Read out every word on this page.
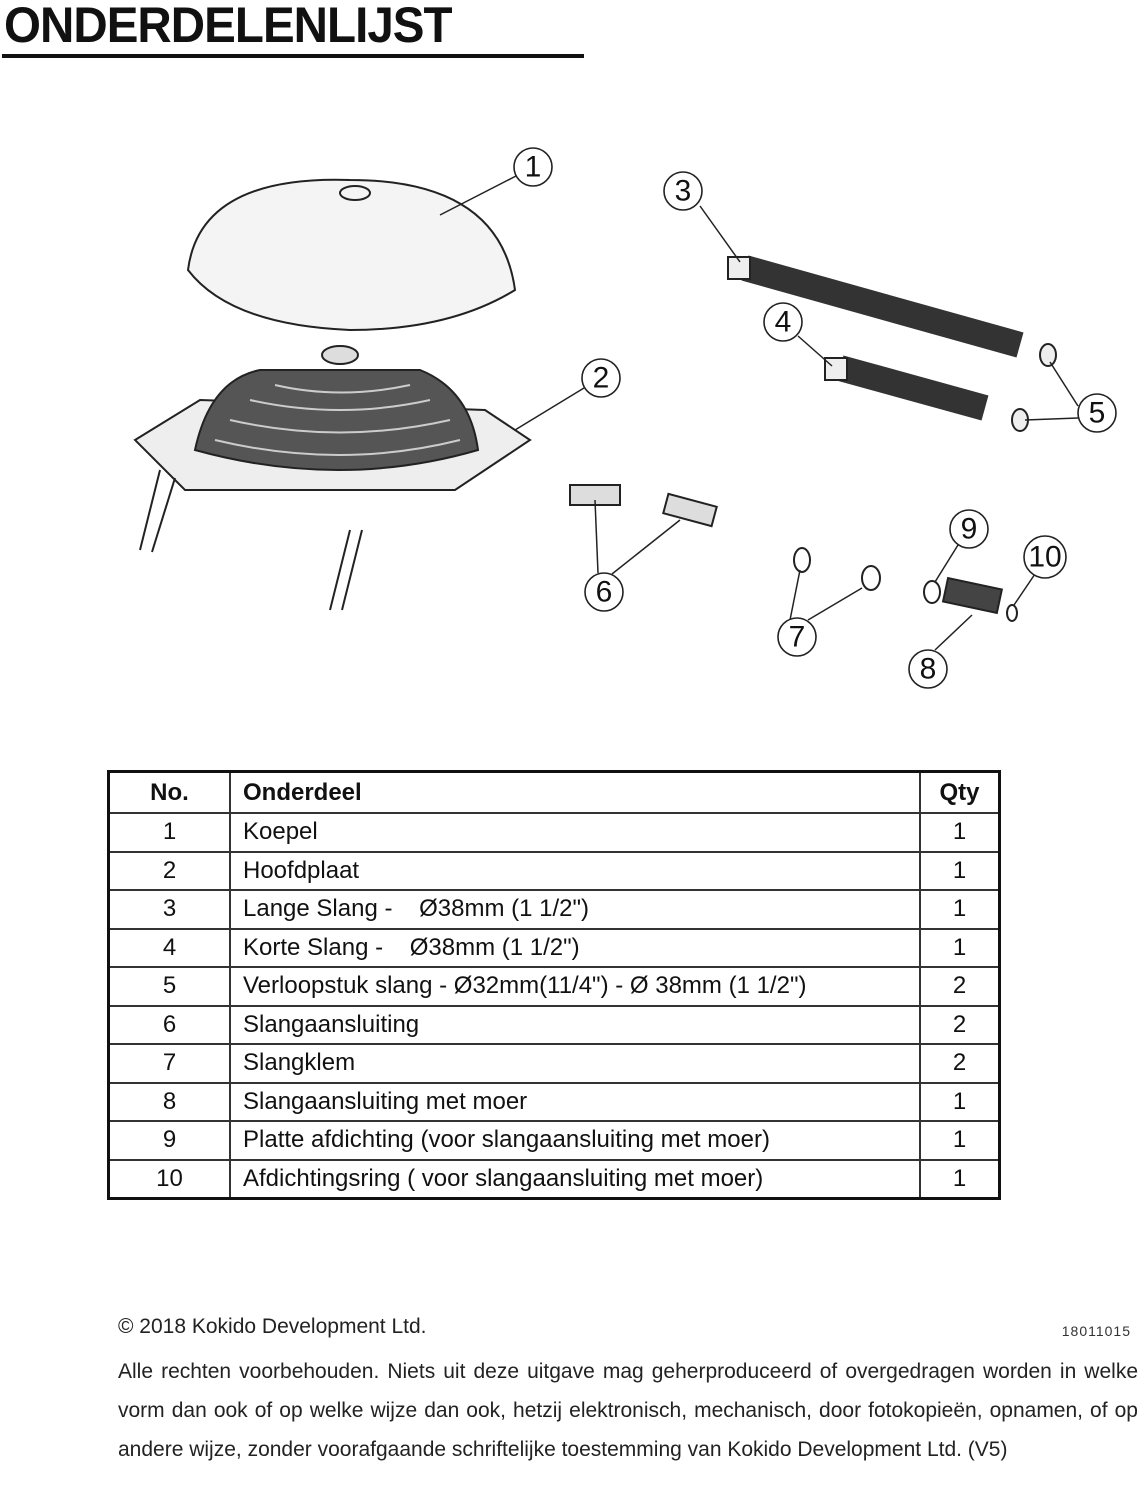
ONDERDELENLIJST
1
2
3
4
5
6
7
8
9
10
No.	Onderdeel	Qty
1	Koepel	1
2	Hoofdplaat	1
3	Lange Slang -    Ø38mm (1 1/2")	1
4	Korte Slang -    Ø38mm (1 1/2")	1
5	Verloopstuk slang - Ø32mm(11/4") - Ø 38mm (1 1/2")	2
6	Slangaansluiting	2
7	Slangklem	2
8	Slangaansluiting met moer	1
9	Platte afdichting (voor slangaansluiting met moer)	1
10	Afdichtingsring ( voor slangaansluiting met moer)	1
© 2018 Kokido Development Ltd.	18011015
Alle rechten voorbehouden. Niets uit deze uitgave mag geherproduceerd of overgedragen worden in welke vorm dan ook of op welke wijze dan ook, hetzij elektronisch, mechanisch, door fotokopieën, opnamen, of op andere wijze, zonder voorafgaande schriftelijke toestemming van Kokido Development Ltd. (V5)
